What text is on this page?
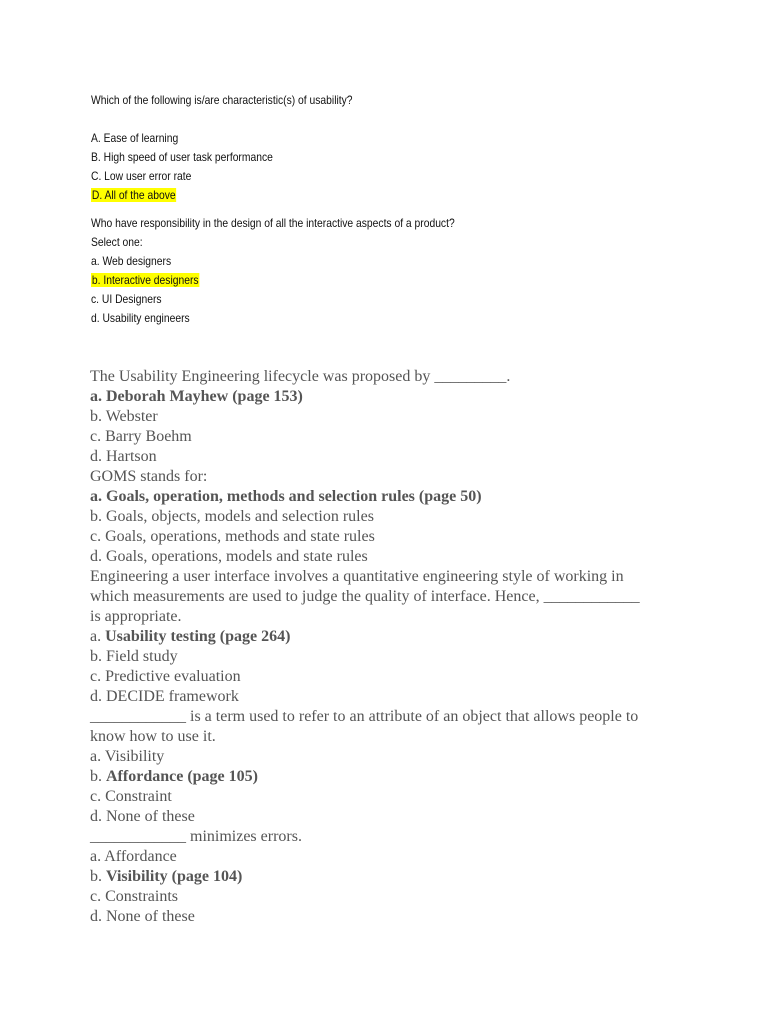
Which of the following is/are characteristic(s) of usability?
A. Ease of learning
B. High speed of user task performance
C. Low user error rate
D. All of the above
Who have responsibility in the design of all the interactive aspects of a product?
Select one:
a. Web designers
b. Interactive designers
c. UI Designers
d. Usability engineers
The Usability Engineering lifecycle was proposed by _________.
a. Deborah Mayhew (page 153)
b. Webster
c. Barry Boehm
d. Hartson
GOMS stands for:
a. Goals, operation, methods and selection rules (page 50)
b. Goals, objects, models and selection rules
c. Goals, operations, methods and state rules
d. Goals, operations, models and state rules
Engineering a user interface involves a quantitative engineering style of working in
which measurements are used to judge the quality of interface. Hence, ____________
is appropriate.
a. Usability testing (page 264)
b. Field study
c. Predictive evaluation
d. DECIDE framework
____________ is a term used to refer to an attribute of an object that allows people to
know how to use it.
a. Visibility
b. Affordance (page 105)
c. Constraint
d. None of these
____________ minimizes errors.
a. Affordance
b. Visibility (page 104)
c. Constraints
d. None of these
